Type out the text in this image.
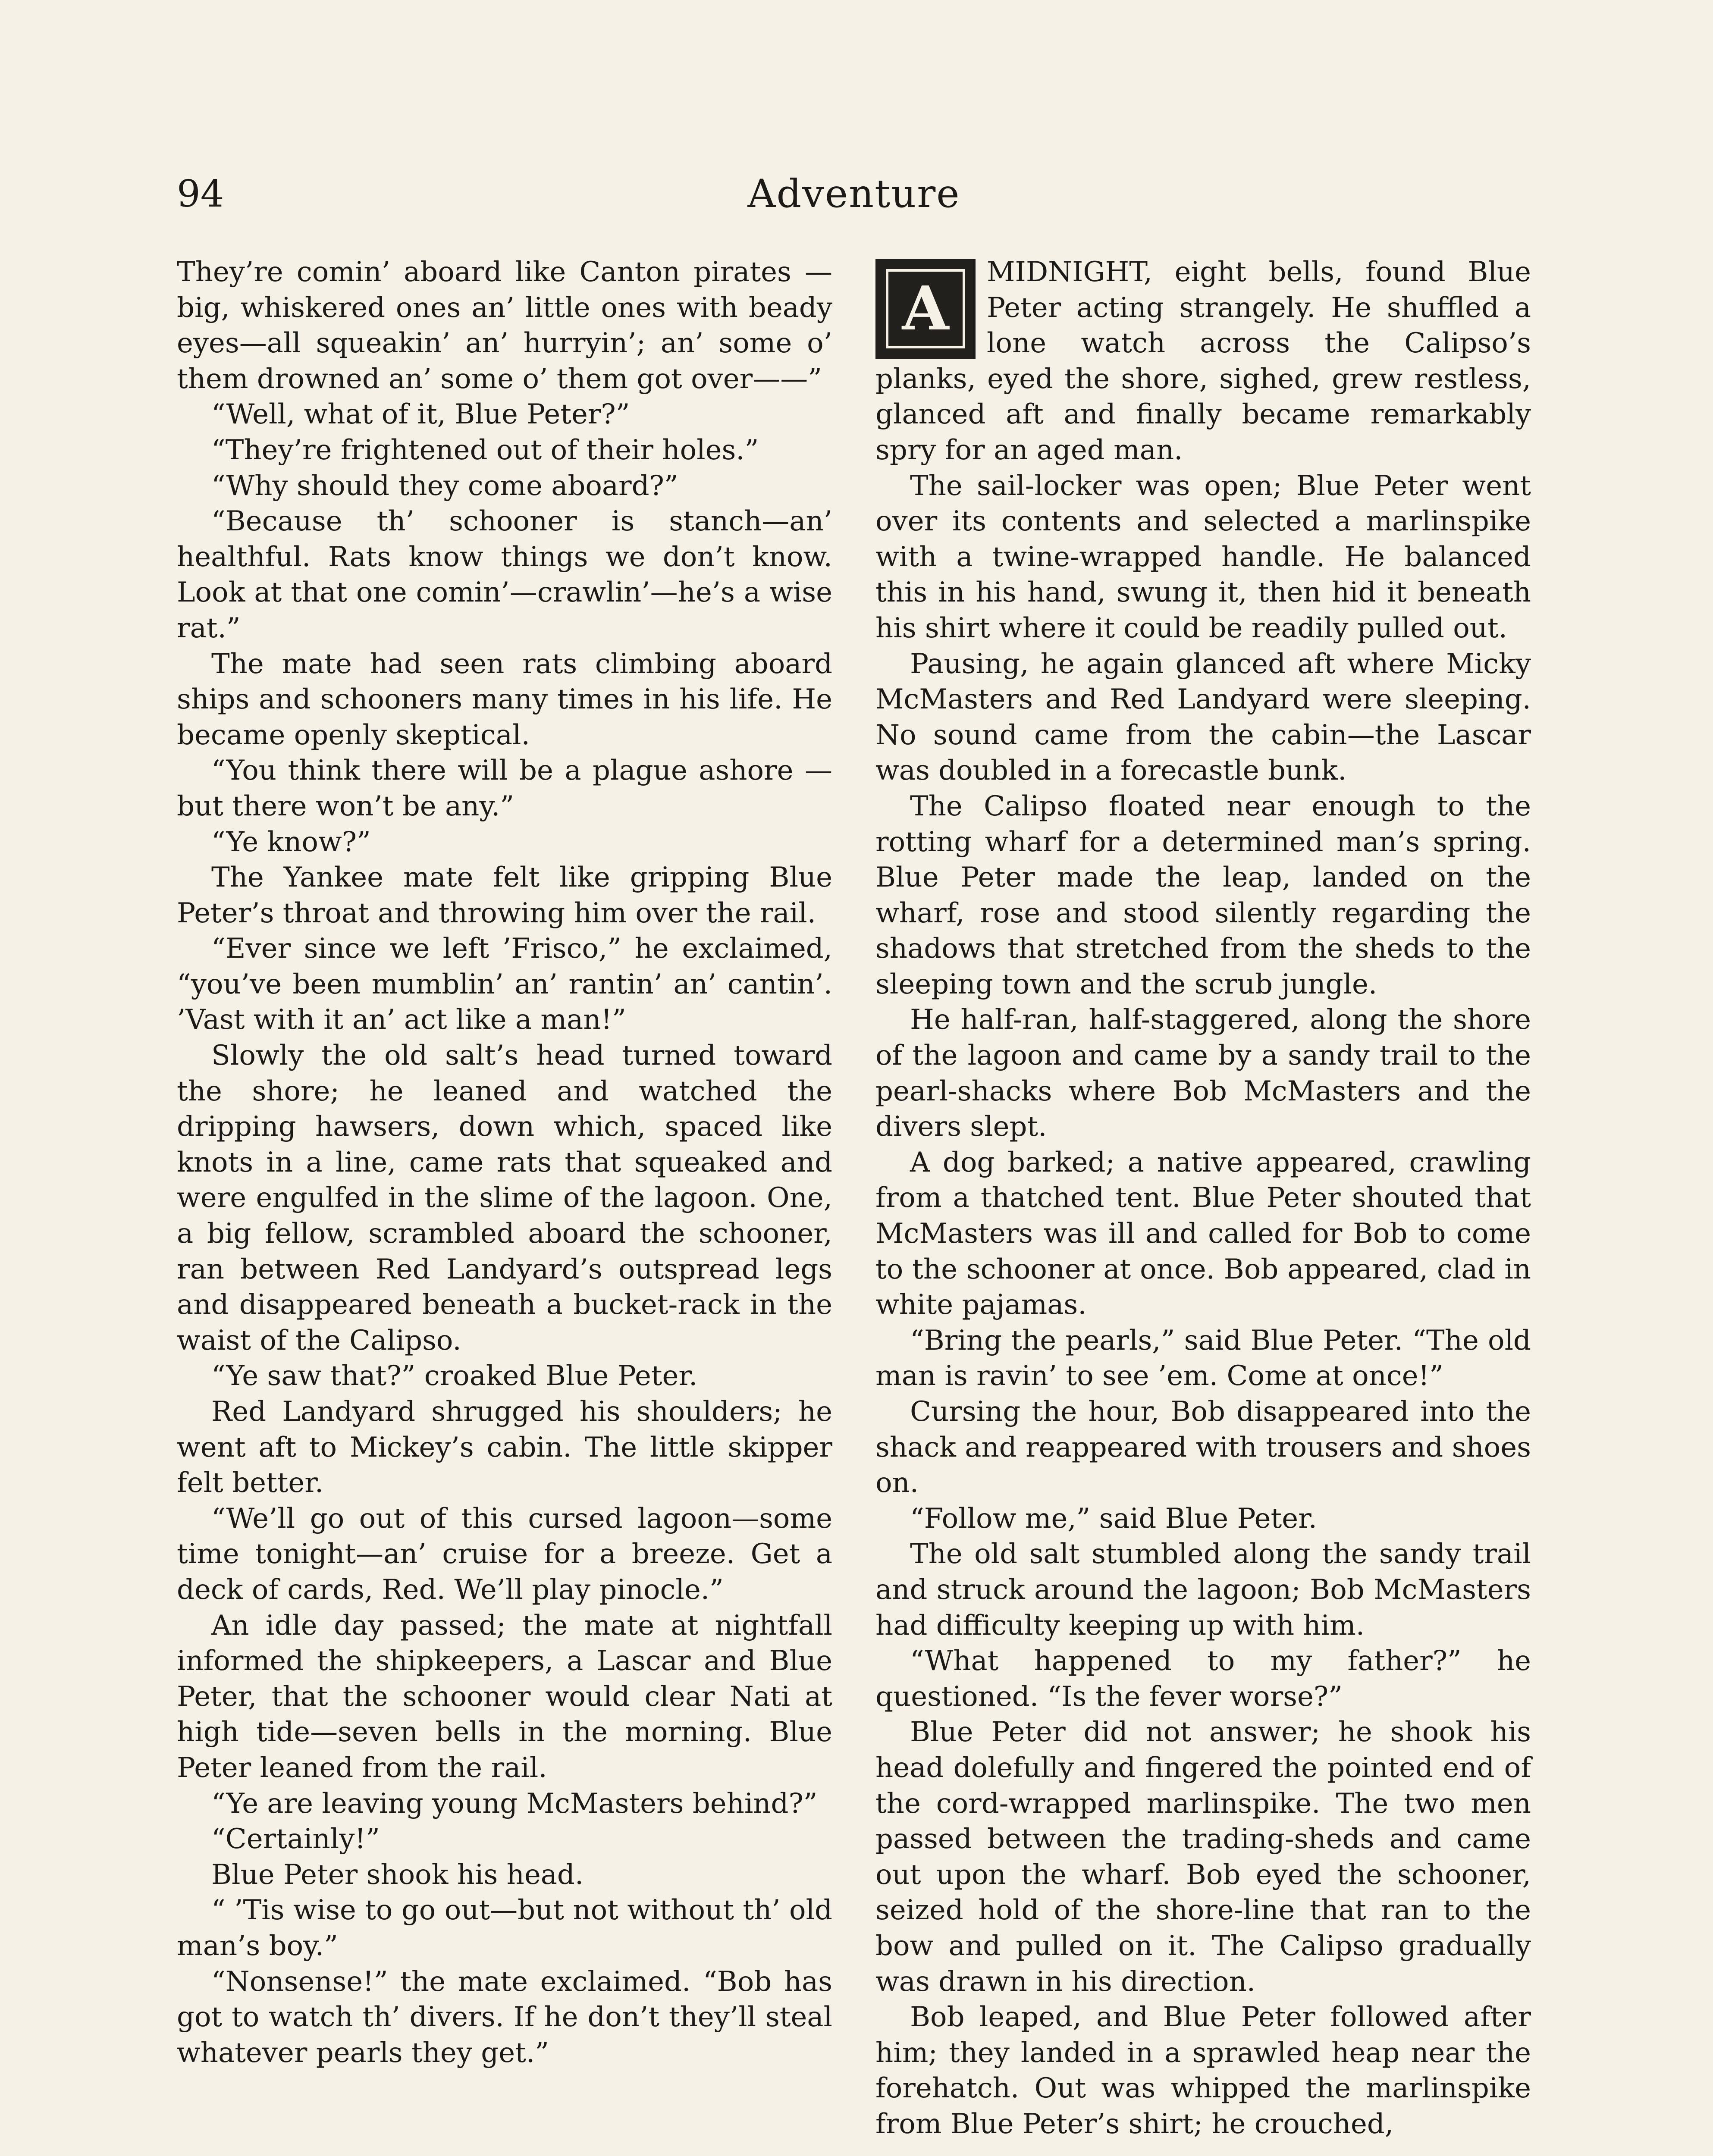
94	Adventure

They’re comin’ aboard like Canton pirates —big, whiskered ones an’ little ones with beady eyes—all squeakin’ an’ hurryin’; an’ some o’ them drowned an’ some o’ them got over——”

“Well, what of it, Blue Peter?”

“They’re frightened out of their holes.”

“Why should they come aboard?”

“Because th’ schooner is stanch—an’ healthful. Rats know things we don’t know. Look at that one comin’—crawlin’—he’s a wise rat.”

The mate had seen rats climbing aboard ships and schooners many times in his life. He became openly skeptical.

“You think there will be a plague ashore —but there won’t be any.”

“Ye know?”

The Yankee mate felt like gripping Blue Peter’s throat and throwing him over the rail.

“Ever since we left ’Frisco,” he exclaimed, “you’ve been mumblin’ an’ rantin’ an’ cantin’. ’Vast with it an’ act like a man!”

Slowly the old salt’s head turned toward the shore; he leaned and watched the dripping hawsers, down which, spaced like knots in a line, came rats that squeaked and were engulfed in the slime of the lagoon. One, a big fellow, scrambled aboard the schooner, ran between Red Landyard’s outspread legs and disappeared beneath a bucket-rack in the waist of the Calipso.

“Ye saw that?” croaked Blue Peter.

Red Landyard shrugged his shoulders; he went aft to Mickey’s cabin. The little skipper felt better.

“We’ll go out of this cursed lagoon—some time tonight—an’ cruise for a breeze. Get a deck of cards, Red. We’ll play pinocle.”

An idle day passed; the mate at nightfall informed the shipkeepers, a Lascar and Blue Peter, that the schooner would clear Nati at high tide—seven bells in the morning. Blue Peter leaned from the rail.

“Ye are leaving young McMasters behind?”

“Certainly!”

Blue Peter shook his head.

“ ’Tis wise to go out—but not without th’ old man’s boy.”

“Nonsense!” the mate exclaimed. “Bob has got to watch th’ divers. If he don’t they’ll steal whatever pearls they get.”

A

MIDNIGHT, eight bells, found Blue Peter acting strangely. He shuffled a lone watch across the Calipso’s planks, eyed the shore, sighed, grew restless, glanced aft and finally became remarkably spry for an aged man.

The sail-locker was open; Blue Peter went over its contents and selected a marlinspike with a twine-wrapped handle. He balanced this in his hand, swung it, then hid it beneath his shirt where it could be readily pulled out.

Pausing, he again glanced aft where Micky McMasters and Red Landyard were sleeping. No sound came from the cabin—the Lascar was doubled in a forecastle bunk.

The Calipso floated near enough to the rotting wharf for a determined man’s spring. Blue Peter made the leap, landed on the wharf, rose and stood silently regarding the shadows that stretched from the sheds to the sleeping town and the scrub jungle.

He half-ran, half-staggered, along the shore of the lagoon and came by a sandy trail to the pearl-shacks where Bob McMasters and the divers slept.

A dog barked; a native appeared, crawling from a thatched tent. Blue Peter shouted that McMasters was ill and called for Bob to come to the schooner at once. Bob appeared, clad in white pajamas.

“Bring the pearls,” said Blue Peter. “The old man is ravin’ to see ’em. Come at once!”

Cursing the hour, Bob disappeared into the shack and reappeared with trousers and shoes on.

“Follow me,” said Blue Peter.

The old salt stumbled along the sandy trail and struck around the lagoon; Bob McMasters had difficulty keeping up with him.

“What happened to my father?” he questioned. “Is the fever worse?”

Blue Peter did not answer; he shook his head dolefully and fingered the pointed end of the cord-wrapped marlinspike. The two men passed between the trading-sheds and came out upon the wharf. Bob eyed the schooner, seized hold of the shore-line that ran to the bow and pulled on it. The Calipso gradually was drawn in his direction.

Bob leaped, and Blue Peter followed after him; they landed in a sprawled heap near the forehatch. Out was whipped the marlinspike from Blue Peter’s shirt; he crouched,
